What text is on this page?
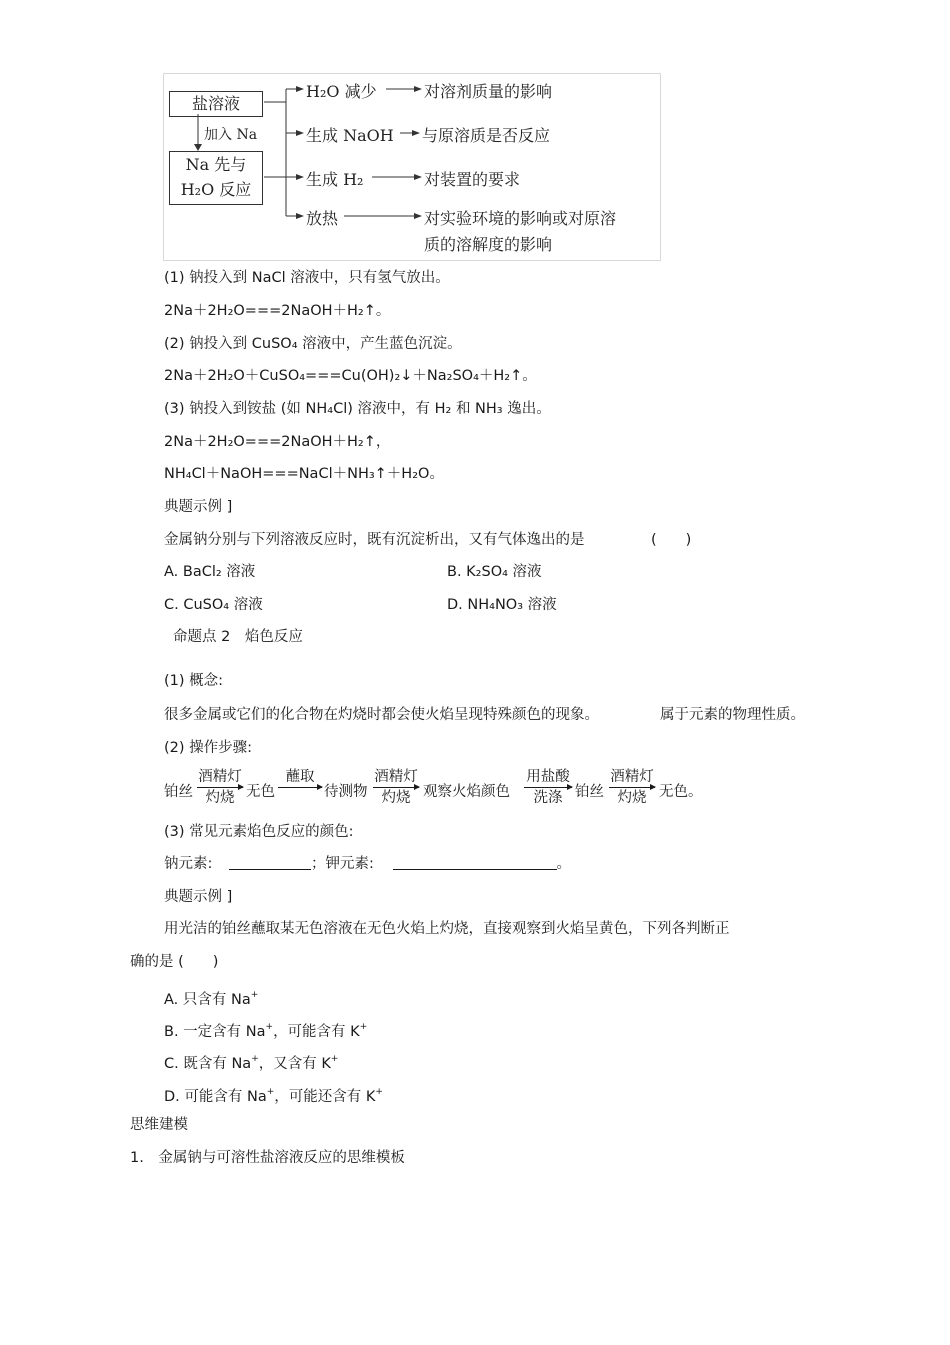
盐溶液
加入 Na
Na 先与
H₂O 反应
H₂O 减少	对溶剂质量的影响
生成 NaOH 与原溶质是否反应
生成 H₂	对装置的要求
放热	对实验环境的影响或对原溶
质的溶解度的影响
(1) 钠投入到 NaCl 溶液中，只有氢气放出。
2Na＋2H₂O===2NaOH＋H₂↑。
(2) 钠投入到 CuSO₄ 溶液中，产生蓝色沉淀。
2Na＋2H₂O＋CuSO₄===Cu(OH)₂↓＋Na₂SO₄＋H₂↑。
(3) 钠投入到铵盐 (如 NH₄Cl) 溶液中，有 H₂ 和 NH₃ 逸出。
2Na＋2H₂O===2NaOH＋H₂↑，
NH₄Cl＋NaOH===NaCl＋NH₃↑＋H₂O。
典题示例 ]
金属钠分别与下列溶液反应时，既有沉淀析出，又有气体逸出的是	(　　)
A. BaCl₂ 溶液	B. K₂SO₄ 溶液
C. CuSO₄ 溶液	D. NH₄NO₃ 溶液
命题点 2　焰色反应
(1) 概念:
很多金属或它们的化合物在灼烧时都会使火焰呈现特殊颜色的现象。	属于元素的物理性质。
(2) 操作步骤:
铂丝
酒精灯
灼烧 无色
蘸取
待测物
酒精灯
灼烧 观察火焰颜色
用盐酸
洗涤 铂丝
酒精灯
灼烧 无色。
(3) 常见元素焰色反应的颜色:
钠元素:	；钾元素:	。
典题示例 ]
用光洁的铂丝蘸取某无色溶液在无色火焰上灼烧，直接观察到火焰呈黄色，下列各判断正
确的是 (　　)
A. 只含有 Na+
B. 一定含有 Na+，可能含有 K+
C. 既含有 Na+，又含有 K+
D. 可能含有 Na+，可能还含有 K+
思维建模
1.　金属钠与可溶性盐溶液反应的思维模板
